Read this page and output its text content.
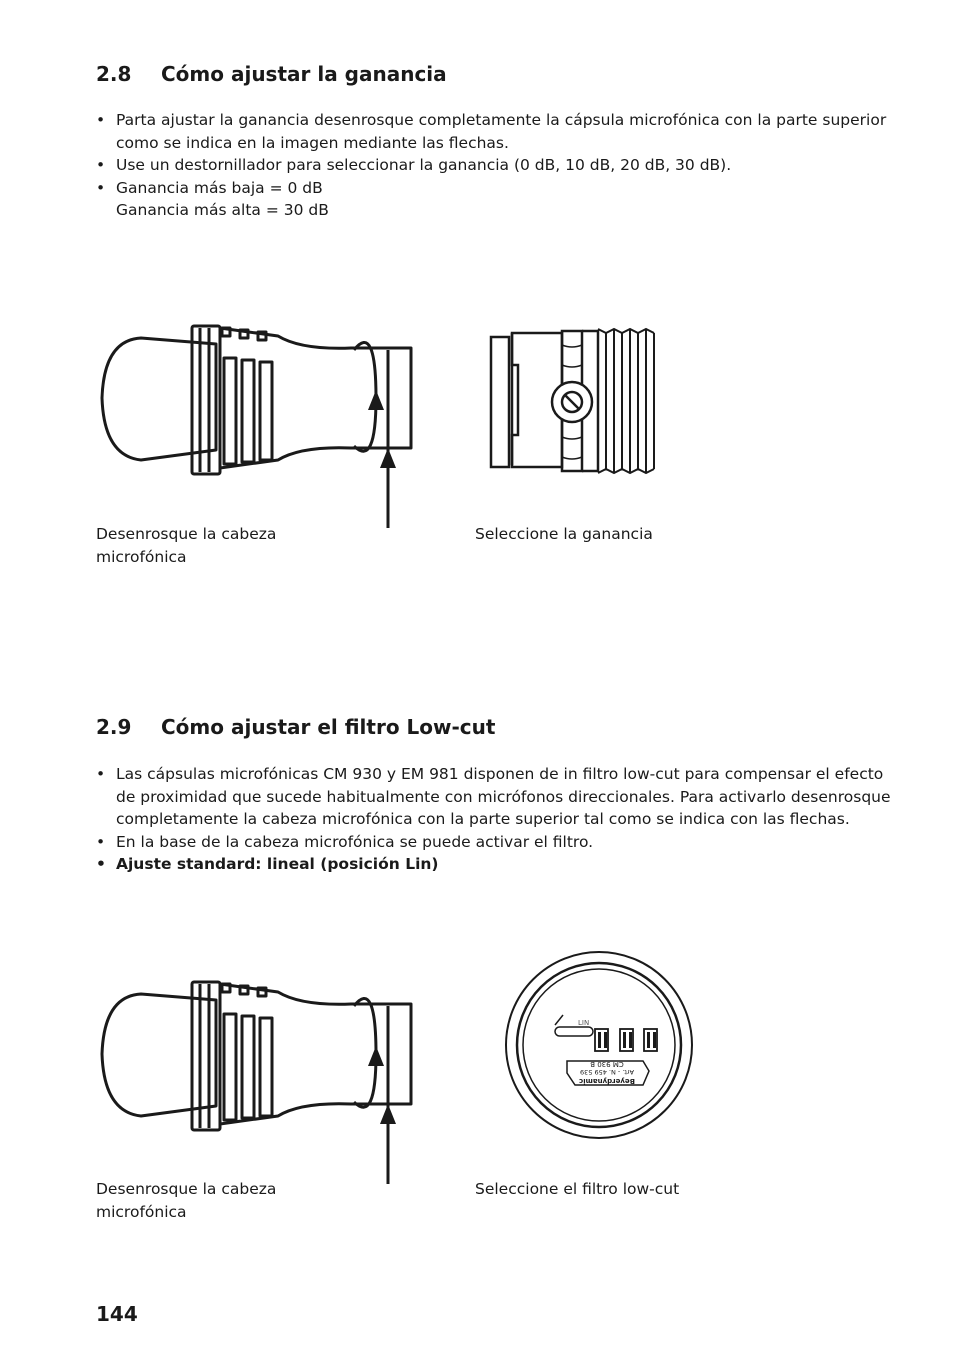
2.8 Cómo ajustar la ganancia
• Parta ajustar la ganancia desenrosque completamente la cápsula microfónica con la parte superior como se indica en la imagen mediante las flechas.
• Use un destornillador para seleccionar la ganancia (0 dB, 10 dB, 20 dB, 30 dB).
• Ganancia más baja = 0 dB
Ganancia más alta = 30 dB
Desenrosque la cabeza microfónica
Seleccione la ganancia
2.9 Cómo ajustar el filtro Low-cut
• Las cápsulas microfónicas CM 930 y EM 981 disponen de in filtro low-cut para compensar el efecto de proximidad que sucede habitualmente con micrófonos direccionales. Para activarlo desenrosque completamente la cabeza microfónica con la parte superior tal como se indica con las flechas.
• En la base de la cabeza microfónica se puede activar el filtro.
• Ajuste standard: lineal (posición Lin)
LIN
Beyerdynamic
Art. - N. 459 539
CM 930 B
Desenrosque la cabeza microfónica
Seleccione el filtro low-cut
144
